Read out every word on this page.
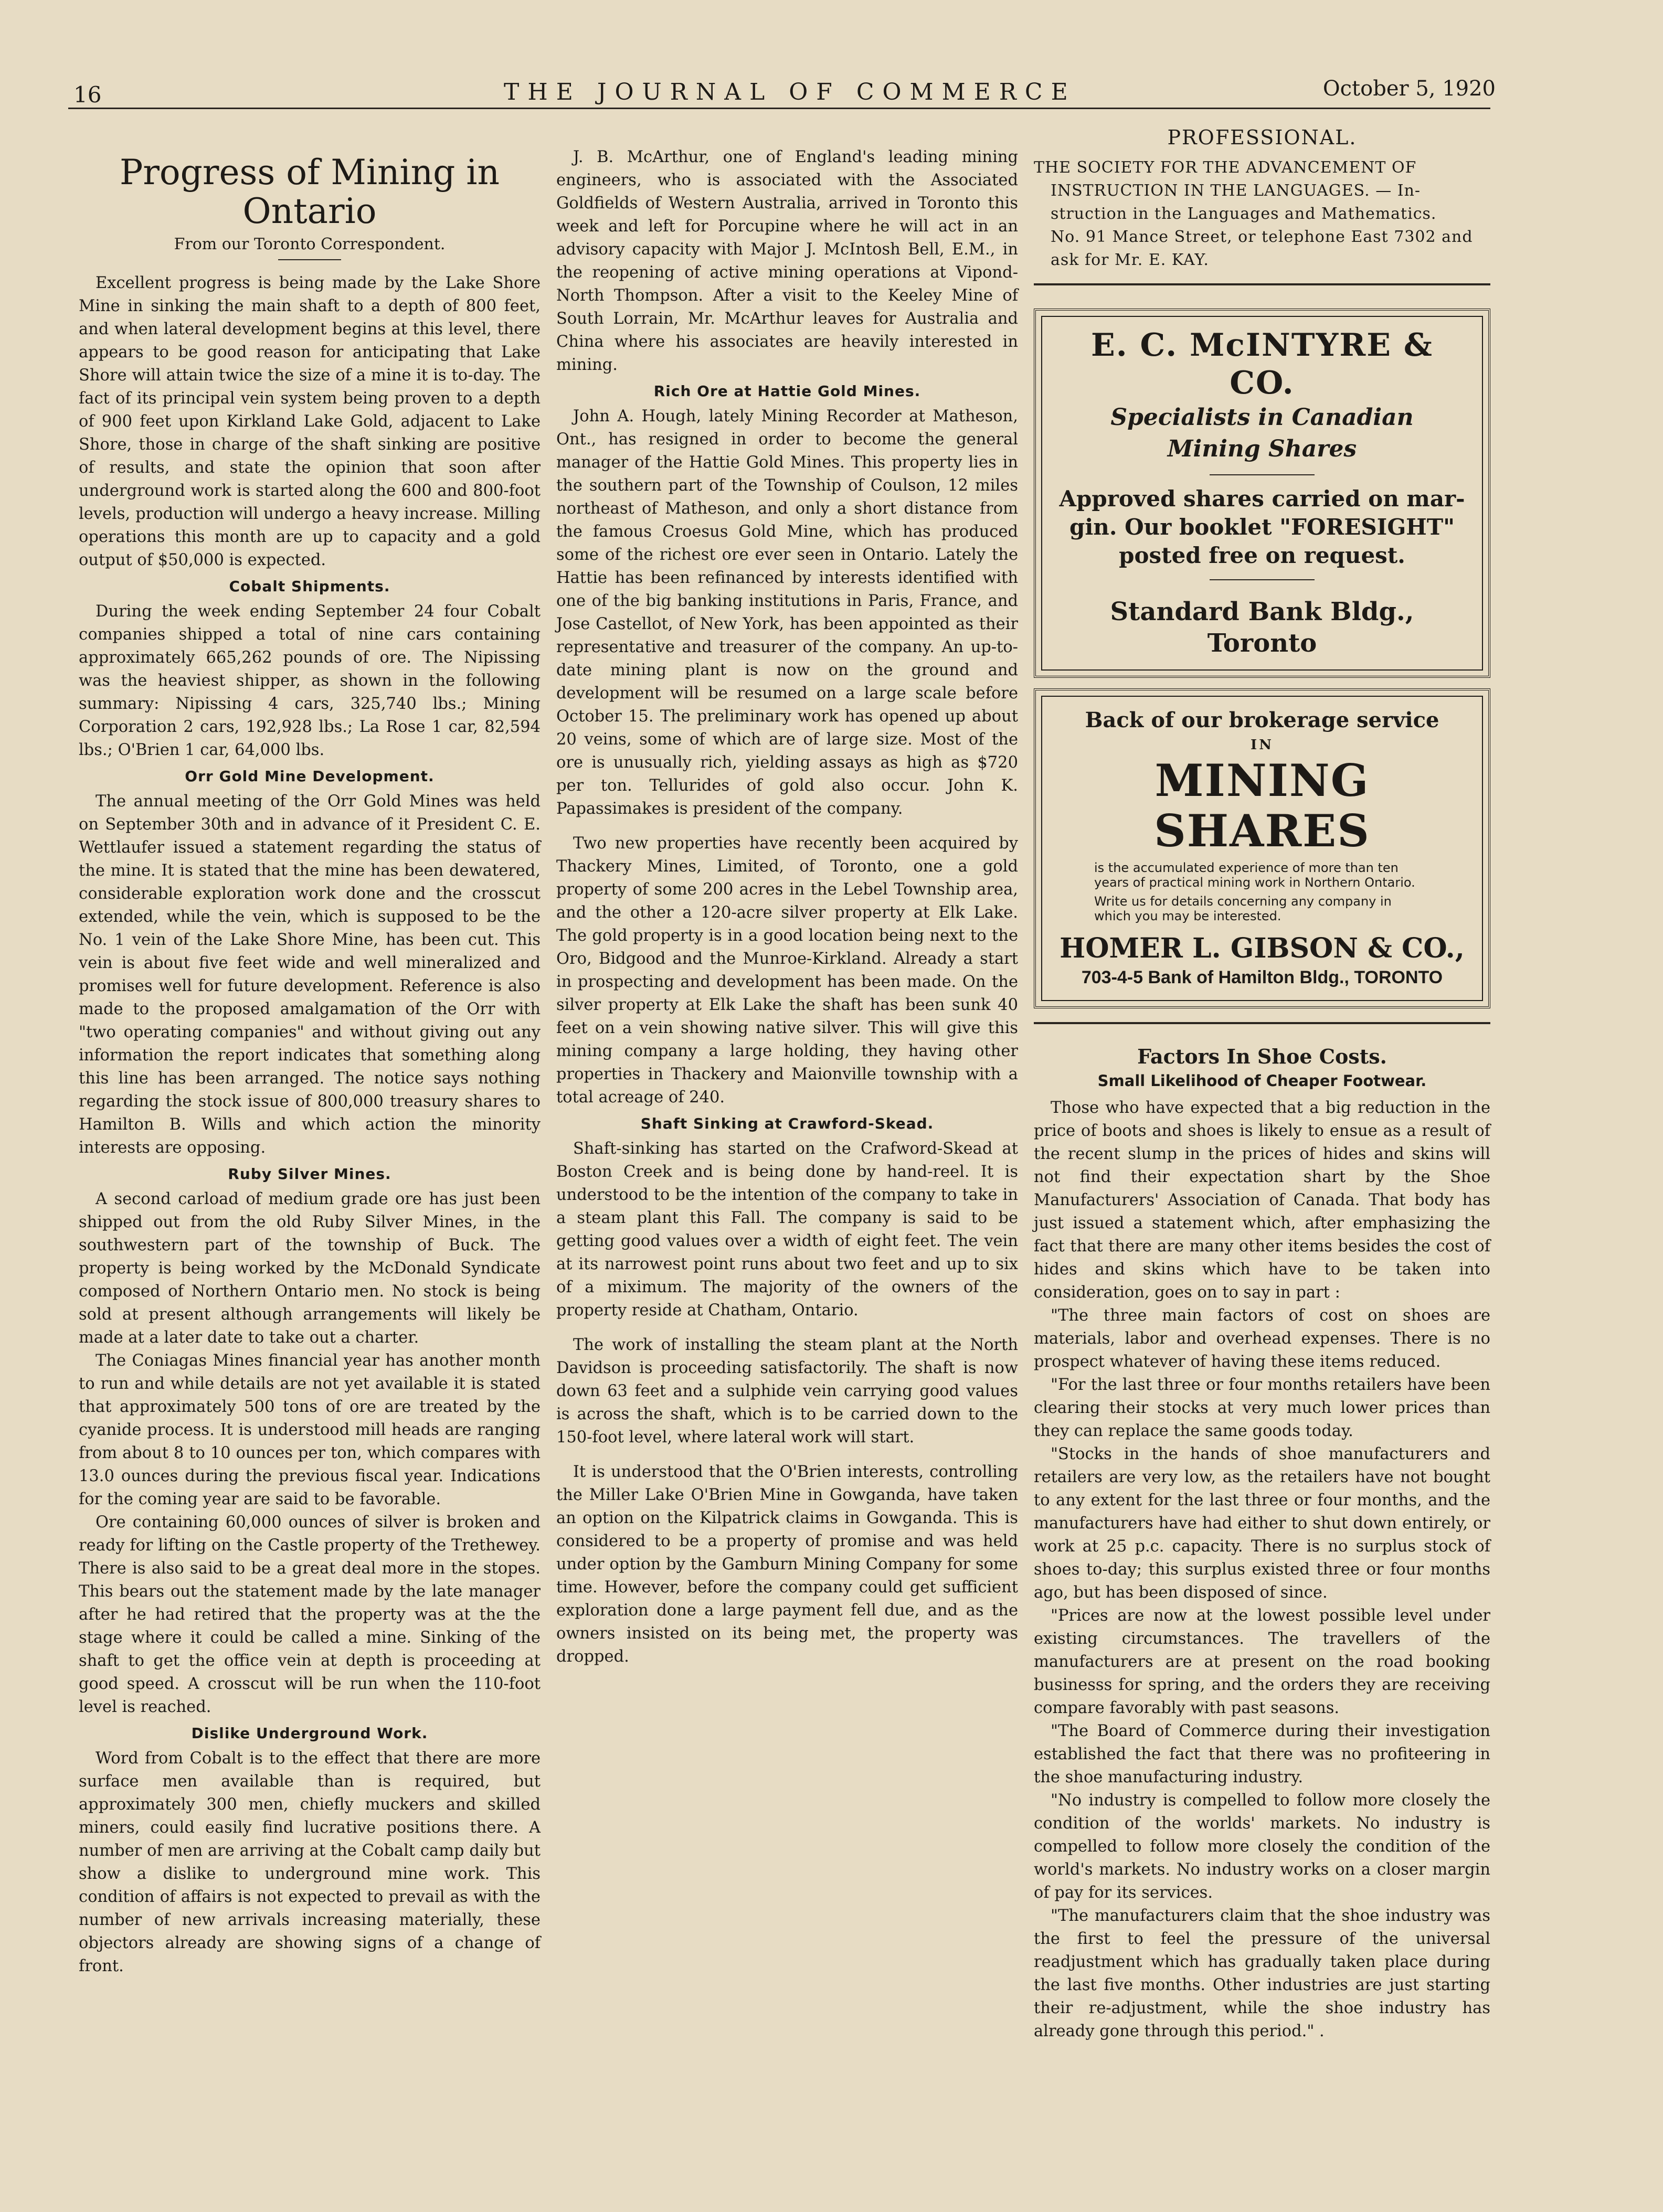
16	THE JOURNAL OF COMMERCE	October 5, 1920
Progress of Mining in
Ontario
From our Toronto Correspondent.

Excellent progress is being made by the Lake Shore Mine in sinking the main shaft to a depth of 800 feet, and when lateral development begins at this level, there appears to be good reason for anticipating that Lake Shore will attain twice the size of a mine it is to-day. The fact of its principal vein system being proven to a depth of 900 feet upon Kirkland Lake Gold, adjacent to Lake Shore, those in charge of the shaft sinking are positive of results, and state the opinion that soon after underground work is started along the 600 and 800-foot levels, production will undergo a heavy increase. Milling operations this month are up to capacity and a gold output of $50,000 is expected.

Cobalt Shipments.

During the week ending September 24 four Cobalt companies shipped a total of nine cars containing approximately 665,262 pounds of ore. The Nipissing was the heaviest shipper, as shown in the following summary: Nipissing 4 cars, 325,740 lbs.; Mining Corporation 2 cars, 192,928 lbs.; La Rose 1 car, 82,594 lbs.; O'Brien 1 car, 64,000 lbs.

Orr Gold Mine Development.

The annual meeting of the Orr Gold Mines was held on September 30th and in advance of it President C. E. Wettlaufer issued a statement regarding the status of the mine. It is stated that the mine has been dewatered, considerable exploration work done and the crosscut extended, while the vein, which is supposed to be the No. 1 vein of the Lake Shore Mine, has been cut. This vein is about five feet wide and well mineralized and promises well for future development. Reference is also made to the proposed amalgamation of the Orr with "two operating companies" and without giving out any information the report indicates that something along this line has been arranged. The notice says nothing regarding the stock issue of 800,000 treasury shares to Hamilton B. Wills and which action the minority interests are opposing.

Ruby Silver Mines.

A second carload of medium grade ore has just been shipped out from the old Ruby Silver Mines, in the southwestern part of the township of Buck. The property is being worked by the McDonald Syndicate composed of Northern Ontario men. No stock is being sold at present although arrangements will likely be made at a later date to take out a charter.

The Coniagas Mines financial year has another month to run and while details are not yet available it is stated that approximately 500 tons of ore are treated by the cyanide process. It is understood mill heads are ranging from about 8 to 10 ounces per ton, which compares with 13.0 ounces during the previous fiscal year. Indications for the coming year are said to be favorable.

Ore containing 60,000 ounces of silver is broken and ready for lifting on the Castle property of the Trethewey. There is also said to be a great deal more in the stopes. This bears out the statement made by the late manager after he had retired that the property was at the the stage where it could be called a mine. Sinking of the shaft to get the office vein at depth is proceeding at good speed. A crosscut will be run when the 110-foot level is reached.

Dislike Underground Work.

Word from Cobalt is to the effect that there are more surface men available than is required, but approximately 300 men, chiefly muckers and skilled miners, could easily find lucrative positions there. A number of men are arriving at the Cobalt camp daily but show a dislike to underground mine work. This condition of affairs is not expected to prevail as with the number of new arrivals increasing materially, these objectors already are showing signs of a change of front.

J. B. McArthur, one of England's leading mining engineers, who is associated with the Associated Goldfields of Western Australia, arrived in Toronto this week and left for Porcupine where he will act in an advisory capacity with Major J. McIntosh Bell, E.M., in the reopening of active mining operations at Vipond-North Thompson. After a visit to the Keeley Mine of South Lorrain, Mr. McArthur leaves for Australia and China where his associates are heavily interested in mining.

Rich Ore at Hattie Gold Mines.

John A. Hough, lately Mining Recorder at Matheson, Ont., has resigned in order to become the general manager of the Hattie Gold Mines. This property lies in the southern part of the Township of Coulson, 12 miles northeast of Matheson, and only a short distance from the famous Croesus Gold Mine, which has produced some of the richest ore ever seen in Ontario. Lately the Hattie has been refinanced by interests identified with one of the big banking institutions in Paris, France, and Jose Castellot, of New York, has been appointed as their representative and treasurer of the company. An up-to-date mining plant is now on the ground and development will be resumed on a large scale before October 15. The preliminary work has opened up about 20 veins, some of which are of large size. Most of the ore is unusually rich, yielding assays as high as $720 per ton. Tellurides of gold also occur. John K. Papassimakes is president of the company.

Two new properties have recently been acquired by Thackery Mines, Limited, of Toronto, one a gold property of some 200 acres in the Lebel Township area, and the other a 120-acre silver property at Elk Lake. The gold property is in a good location being next to the Oro, Bidgood and the Munroe-Kirkland. Already a start in prospecting and development has been made. On the silver property at Elk Lake the shaft has been sunk 40 feet on a vein showing native silver. This will give this mining company a large holding, they having other properties in Thackery and Maionville township with a total acreage of 240.

Shaft Sinking at Crawford-Skead.

Shaft-sinking has started on the Crafword-Skead at Boston Creek and is being done by hand-reel. It is understood to be the intention of the company to take in a steam plant this Fall. The company is said to be getting good values over a width of eight feet. The vein at its narrowest point runs about two feet and up to six of a miximum. The majority of the owners of the property reside at Chatham, Ontario.

The work of installing the steam plant at the North Davidson is proceeding satisfactorily. The shaft is now down 63 feet and a sulphide vein carrying good values is across the shaft, which is to be carried down to the 150-foot level, where lateral work will start.

It is understood that the O'Brien interests, controlling the Miller Lake O'Brien Mine in Gowganda, have taken an option on the Kilpatrick claims in Gowganda. This is considered to be a property of promise and was held under option by the Gamburn Mining Company for some time. However, before the company could get sufficient exploration done a large payment fell due, and as the owners insisted on its being met, the property was dropped.

PROFESSIONAL.

THE SOCIETY FOR THE ADVANCEMENT OF

INSTRUCTION IN THE LANGUAGES. — In-

struction in the Languages and Mathematics.

No. 91 Mance Street, or telephone East 7302 and

ask for Mr. E. KAY.

E. C. McINTYRE & CO.
Specialists in Canadian
Mining Shares
Approved shares carried on mar-
gin. Our booklet "FORESIGHT"
posted free on request.
Standard Bank Bldg., Toronto
Back of our brokerage service
IN
MINING SHARES
is the accumulated experience of more than ten years of practical mining work in Northern Ontario.
Write us for details concerning any company in which you may be interested.
HOMER L. GIBSON & CO.,
703-4-5 Bank of Hamilton Bldg., TORONTO
Factors In Shoe Costs.
Small Likelihood of Cheaper Footwear.

Those who have expected that a big reduction in the price of boots and shoes is likely to ensue as a result of the recent slump in the prices of hides and skins will not find their expectation shart by the Shoe Manufacturers' Association of Canada. That body has just issued a statement which, after emphasizing the fact that there are many other items besides the cost of hides and skins which have to be taken into consideration, goes on to say in part :

"The three main factors of cost on shoes are materials, labor and overhead expenses. There is no prospect whatever of having these items reduced.

"For the last three or four months retailers have been clearing their stocks at very much lower prices than they can replace the same goods today.

"Stocks in the hands of shoe manufacturers and retailers are very low, as the retailers have not bought to any extent for the last three or four months, and the manufacturers have had either to shut down entirely, or work at 25 p.c. capacity. There is no surplus stock of shoes to-day; this surplus existed three or four months ago, but has been disposed of since.

"Prices are now at the lowest possible level under existing circumstances. The travellers of the manufacturers are at present on the road booking businesss for spring, and the orders they are receiving compare favorably with past seasons.

"The Board of Commerce during their investigation established the fact that there was no profiteering in the shoe manufacturing industry.

"No industry is compelled to follow more closely the condition of the worlds' markets. No industry is compelled to follow more closely the condition of the world's markets. No industry works on a closer margin of pay for its services.

"The manufacturers claim that the shoe industry was the first to feel the pressure of the universal readjustment which has gradually taken place during the last five months. Other industries are just starting their re-adjustment, while the shoe industry has already gone through this period." .
